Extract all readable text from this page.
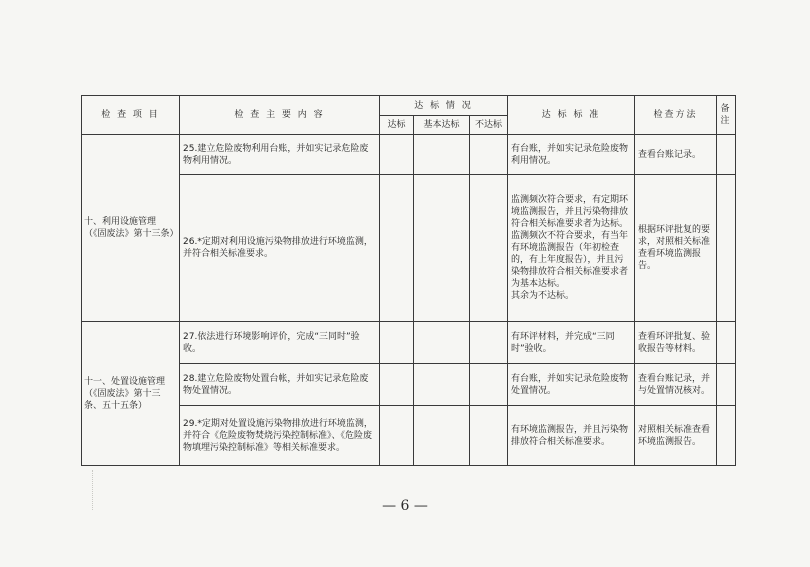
检 查 项 目	检 查 主 要 内 容	达 标 情 况			达 标 标 准	检查方法	备注
		达标	基本达标	不达标			

十、利用设施管理（《固废法》第十三条）	25.建立危险废物利用台账，并如实记录危险废物利用情况。				有台账，并如实记录危险废物利用情况。	查看台账记录。	

	26.*定期对利用设施污染物排放进行环境监测，并符合相关标准要求。				监测频次符合要求，有定期环境监测报告，并且污染物排放符合相关标准要求者为达标。
监测频次不符合要求，有当年有环境监测报告（年初检查的，有上年度报告），并且污染物排放符合相关标准要求者为基本达标。
其余为不达标。	根据环评批复的要求，对照相关标准查看环境监测报告。	

十一、处置设施管理（《固废法》第十三条、五十五条）	27.依法进行环境影响评价，完成“三同时”验收。				有环评材料，并完成“三同时”验收。	查看环评批复、验收报告等材料。	

	28.建立危险废物处置台帐，并如实记录危险废物处置情况。				有台账，并如实记录危险废物处置情况。	查看台账记录，并与处置情况核对。	

	29.*定期对处置设施污染物排放进行环境监测，并符合《危险废物焚烧污染控制标准》、《危险废物填埋污染控制标准》等相关标准要求。				有环境监测报告，并且污染物排放符合相关标准要求。	对照相关标准查看环境监测报告。	

— 6 —
